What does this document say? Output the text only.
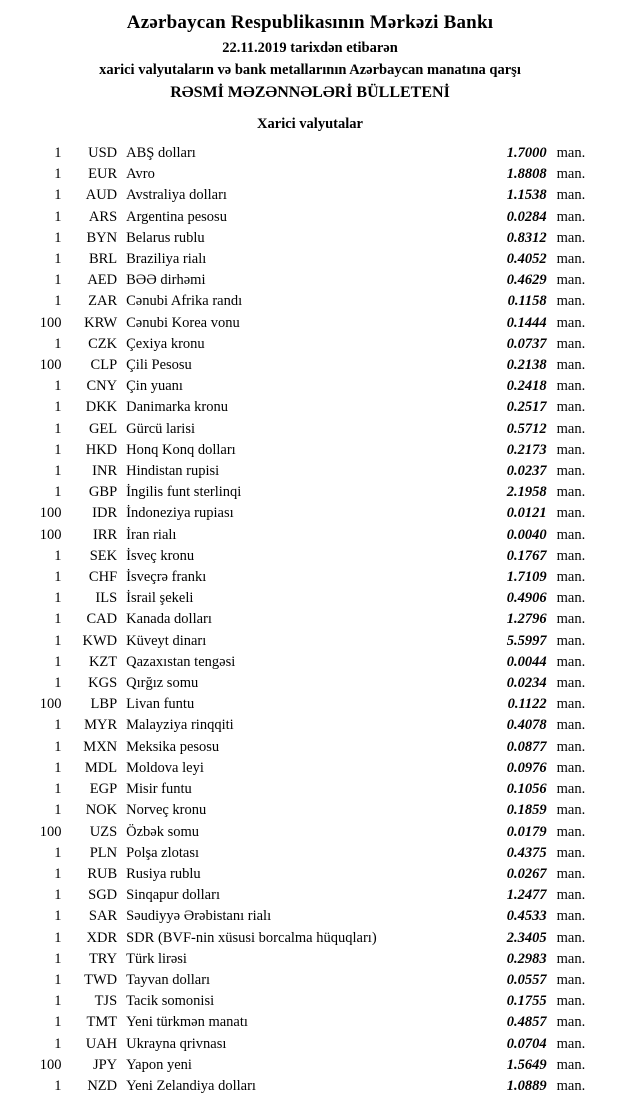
Azərbaycan Respublikasının Mərkəzi Bankı
22.11.2019 tarixdən etibarən
xarici valyutaların və bank metallarının Azərbaycan manatına qarşı
RƏSMİ MƏZƏNNƏLƏRİ BÜLLETENİ
Xarici valyutalar
1	USD	ABŞ dolları	1.7000	man.
1	EUR	Avro	1.8808	man.
1	AUD	Avstraliya dolları	1.1538	man.
1	ARS	Argentina pesosu	0.0284	man.
1	BYN	Belarus rublu	0.8312	man.
1	BRL	Braziliya rialı	0.4052	man.
1	AED	BƏƏ dirhəmi	0.4629	man.
1	ZAR	Cənubi Afrika randı	0.1158	man.
100	KRW	Cənubi Korea vonu	0.1444	man.
1	CZK	Çexiya kronu	0.0737	man.
100	CLP	Çili Pesosu	0.2138	man.
1	CNY	Çin yuanı	0.2418	man.
1	DKK	Danimarka kronu	0.2517	man.
1	GEL	Gürcü larisi	0.5712	man.
1	HKD	Honq Konq dolları	0.2173	man.
1	INR	Hindistan rupisi	0.0237	man.
1	GBP	İngilis funt sterlinqi	2.1958	man.
100	IDR	İndoneziya rupiası	0.0121	man.
100	IRR	İran rialı	0.0040	man.
1	SEK	İsveç kronu	0.1767	man.
1	CHF	İsveçrə frankı	1.7109	man.
1	ILS	İsrail şekeli	0.4906	man.
1	CAD	Kanada dolları	1.2796	man.
1	KWD	Küveyt dinarı	5.5997	man.
1	KZT	Qazaxıstan tengəsi	0.0044	man.
1	KGS	Qırğız somu	0.0234	man.
100	LBP	Livan funtu	0.1122	man.
1	MYR	Malayziya rinqqiti	0.4078	man.
1	MXN	Meksika pesosu	0.0877	man.
1	MDL	Moldova leyi	0.0976	man.
1	EGP	Misir funtu	0.1056	man.
1	NOK	Norveç kronu	0.1859	man.
100	UZS	Özbək somu	0.0179	man.
1	PLN	Polşa zlotası	0.4375	man.
1	RUB	Rusiya rublu	0.0267	man.
1	SGD	Sinqapur dolları	1.2477	man.
1	SAR	Səudiyyə Ərəbistanı rialı	0.4533	man.
1	XDR	SDR (BVF-nin xüsusi borcalma hüquqları)	2.3405	man.
1	TRY	Türk lirəsi	0.2983	man.
1	TWD	Tayvan dolları	0.0557	man.
1	TJS	Tacik somonisi	0.1755	man.
1	TMT	Yeni türkmən manatı	0.4857	man.
1	UAH	Ukrayna qrivnası	0.0704	man.
100	JPY	Yapon yeni	1.5649	man.
1	NZD	Yeni Zelandiya dolları	1.0889	man.
